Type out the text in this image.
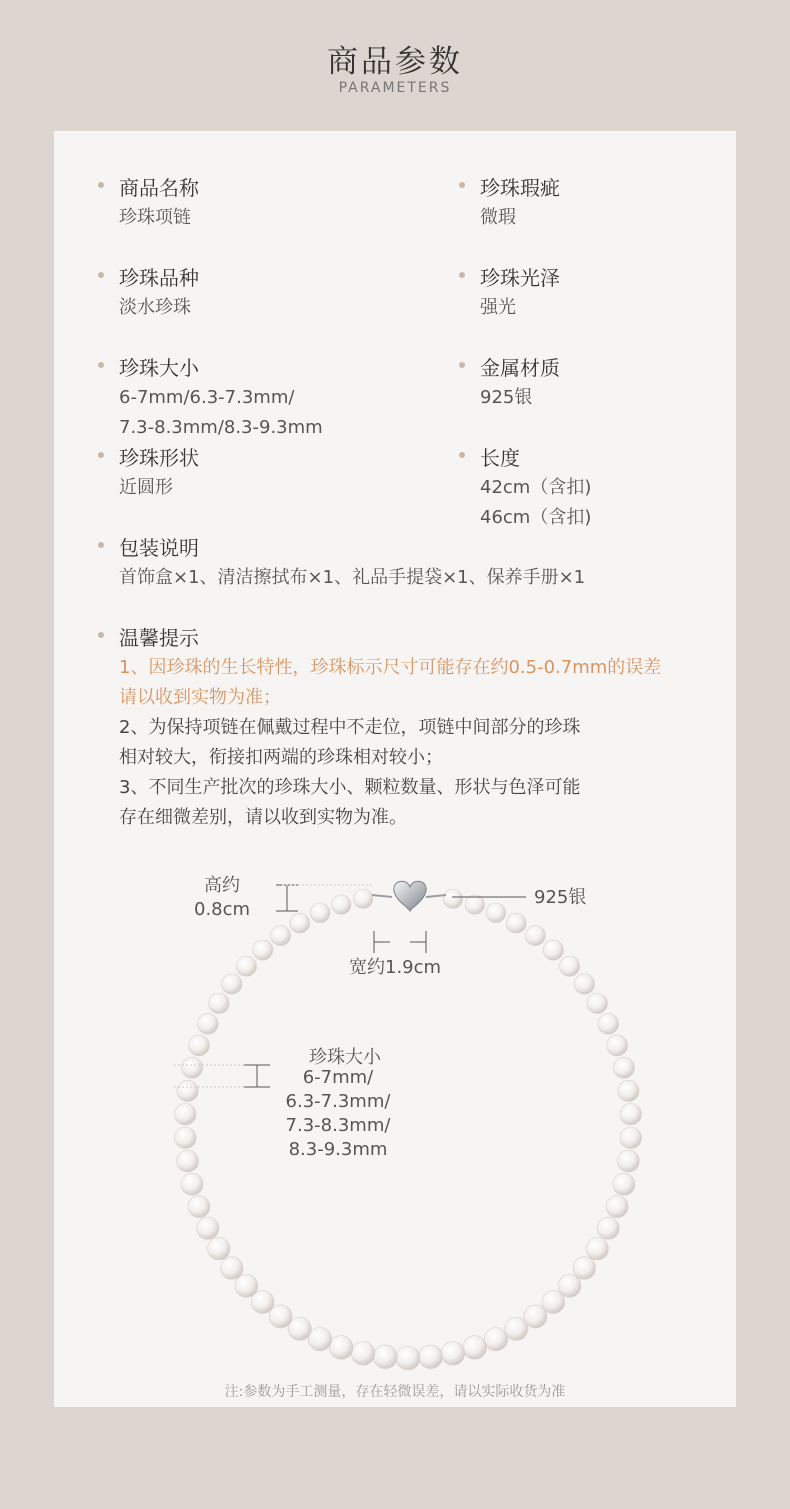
商品参数
PARAMETERS
商品名称
珍珠项链
珍珠瑕疵
微瑕
珍珠品种
淡水珍珠
珍珠光泽
强光
珍珠大小
6-7mm/6.3-7.3mm/
7.3-8.3mm/8.3-9.3mm
金属材质
925银
珍珠形状
近圆形
长度
42cm（含扣)
46cm（含扣)
包装说明
首饰盒×1、清洁擦拭布×1、礼品手提袋×1、保养手册×1
温馨提示
1、因珍珠的生长特性，珍珠标示尺寸可能存在约0.5-0.7mm的误差
请以收到实物为准；
2、为保持项链在佩戴过程中不走位，项链中间部分的珍珠
相对较大，衔接扣两端的珍珠相对较小；
3、不同生产批次的珍珠大小、颗粒数量、形状与色泽可能
存在细微差别，请以收到实物为准。
高约
0.8cm
925银
宽约1.9cm
珍珠大小
6-7mm/
6.3-7.3mm/
7.3-8.3mm/
8.3-9.3mm
注:参数为手工测量，存在轻微误差，请以实际收货为准
